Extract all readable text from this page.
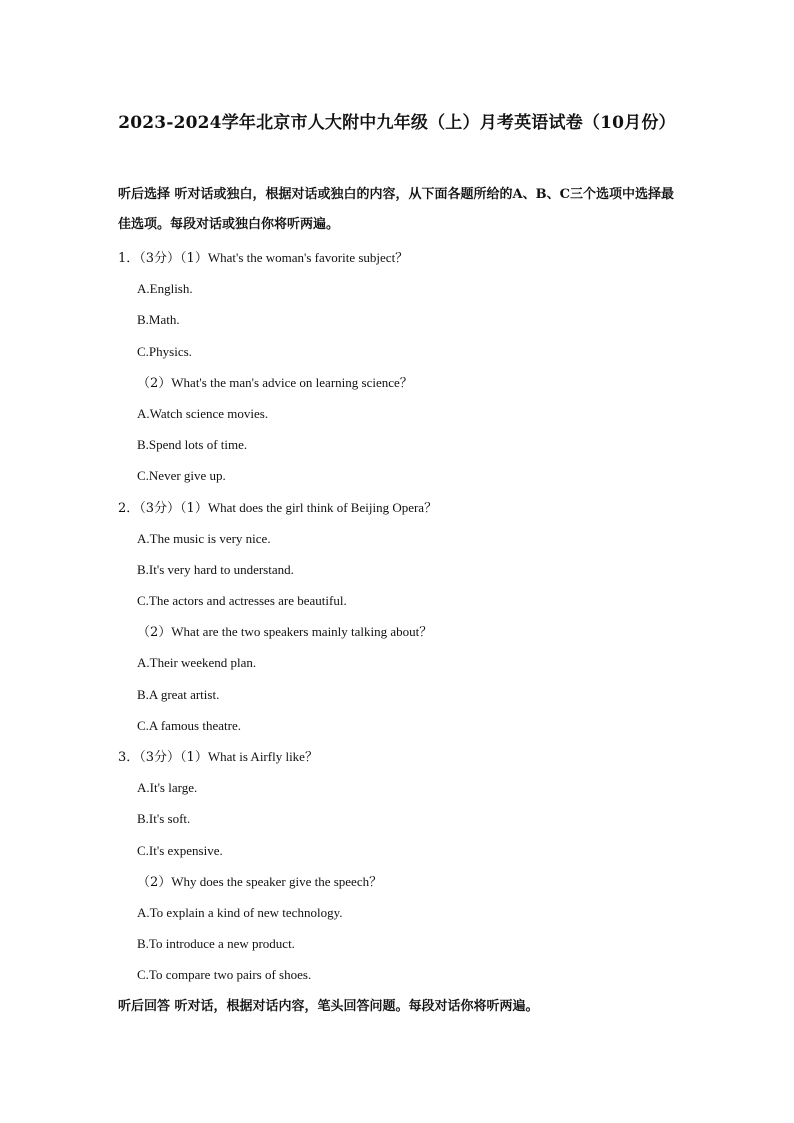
2023-2024学年北京市人大附中九年级（上）月考英语试卷（10月份）
听后选择 听对话或独白，根据对话或独白的内容，从下面各题所给的A、B、C三个选项中选择最佳选项。每段对话或独白你将听两遍。
1．（3分）（1）What's the woman's favorite subject？
A.English.
B.Math.
C.Physics.
（2）What's the man's advice on learning science？
A.Watch science movies.
B.Spend lots of time.
C.Never give up.
2．（3分）（1）What does the girl think of Beijing Opera？
A.The music is very nice.
B.It's very hard to understand.
C.The actors and actresses are beautiful.
（2）What are the two speakers mainly talking about？
A.Their weekend plan.
B.A great artist.
C.A famous theatre.
3．（3分）（1）What is Airfly like？
A.It's large.
B.It's soft.
C.It's expensive.
（2）Why does the speaker give the speech？
A.To explain a kind of new technology.
B.To introduce a new product.
C.To compare two pairs of shoes.
听后回答 听对话，根据对话内容，笔头回答问题。每段对话你将听两遍。
